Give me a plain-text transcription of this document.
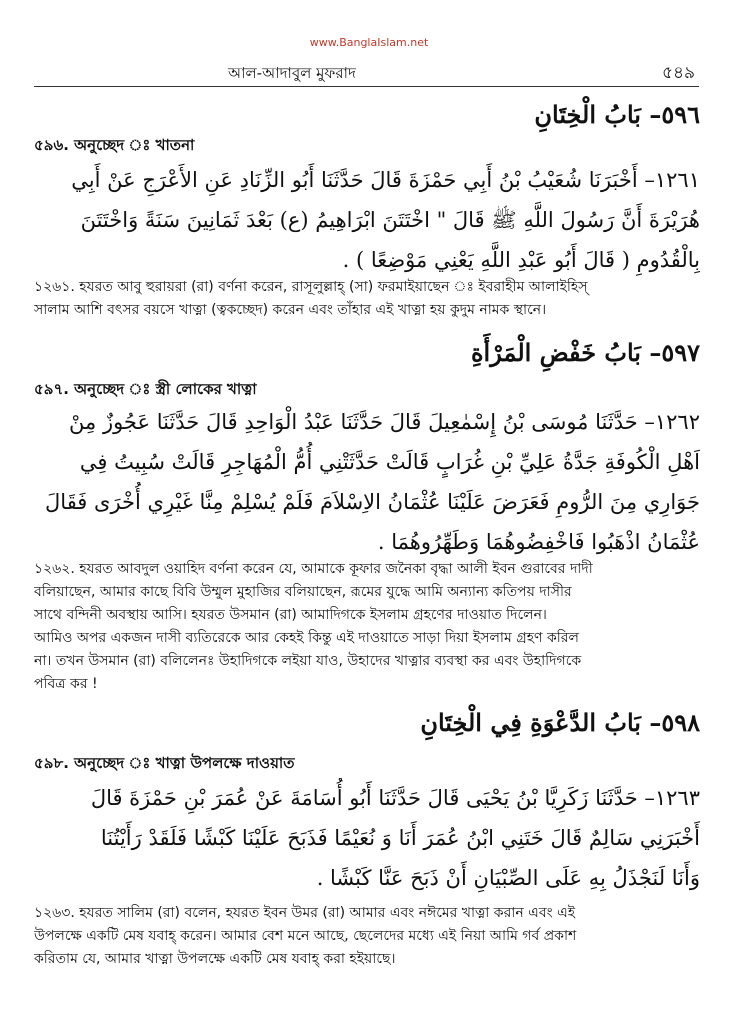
www.BanglaIslam.net
আল-আদাবুল মুফরাদ	৫৪৯
٥٩٦– بَابُ الْخِتَانِ
৫৯৬. অনুচ্ছেদ ঃ খাতনা
١٢٦١– أَخْبَرَنَا شُعَيْبُ بْنُ أَبِي حَمْزَةَ قَالَ حَدَّثَنَا أَبُو الزِّنَادِ عَنِ الأَعْرَجِ عَنْ أَبِي
هُرَيْرَةَ أَنَّ رَسُولَ اللَّهِ ﷺ قَالَ " اخْتَتَنَ ابْرَاهِيمُ (ع) بَعْدَ ثَمَانِينَ سَنَةً وَاخْتَتَنَ
بِالْقُدُومِ ( قَالَ أَبُو عَبْدِ اللَّهِ يَعْنِي مَوْضِعًا ) .
১২৬১. হযরত আবু হুরায়রা (রা) বর্ণনা করেন, রাসূলুল্লাহ্ (সা) ফরমাইয়াছেন ঃ ইবরাহীম আলাইহিস্
সালাম আশি বৎসর বয়সে খাত্না (ত্বকচ্ছেদ) করেন এবং তাঁহার এই খাত্না হয় কুদুম নামক স্থানে।
٥٩٧– بَابُ خَفْضِ الْمَرْأَةِ
৫৯৭. অনুচ্ছেদ ঃ স্ত্রী লোকের খাত্না
١٢٦٢– حَدَّثَنَا مُوسَى بْنُ إِسْمٰعِيلَ قَالَ حَدَّثَنَا عَبْدُ الْوَاحِدِ قَالَ حَدَّثَنَا عَجُوزٌ مِنْ
اَهْلِ الْكُوفَةِ جَدَّةُ عَلِيِّ بْنِ غُرَابٍ قَالَتْ حَدَّثَتْنِي أُمُّ الْمُهَاجِرِ قَالَتْ سُبِيتُ فِي
جَوَارِي مِنَ الرُّومِ فَعَرَضَ عَلَيْنَا عُثْمَانُ الاِسْلاَمَ فَلَمْ يُسْلِمْ مِنَّا غَيْرِي أُخْرَى فَقَالَ
عُثْمَانُ اذْهَبُوا فَاخْفِضُوهُمَا وَطَهِّرُوهُمَا .
১২৬২. হযরত আবদুল ওয়াহিদ বর্ণনা করেন যে, আমাকে কূফার জনৈকা বৃদ্ধা আলী ইবন গুরাবের দাদী
বলিয়াছেন, আমার কাছে বিবি উম্মুল মুহাজির বলিয়াছেন, রূমের যুদ্ধে আমি অন্যান্য কতিপয় দাসীর
সাথে বন্দিনী অবস্থায় আসি। হযরত উসমান (রা) আমাদিগকে ইসলাম গ্রহণের দাওয়াত দিলেন।
আমিও অপর একজন দাসী ব্যতিরেকে আর কেহই কিন্তু এই দাওয়াতে সাড়া দিয়া ইসলাম গ্রহণ করিল
না। তখন উসমান (রা) বলিলেনঃ উহাদিগকে লইয়া যাও, উহাদের খাত্নার ব্যবস্থা কর এবং উহাদিগকে
পবিত্র কর !
٥٩٨– بَابُ الدَّعْوَةِ فِي الْخِتَانِ
৫৯৮. অনুচ্ছেদ ঃ খাত্না উপলক্ষে দাওয়াত
١٢٦٣– حَدَّثَنَا زَكَرِيَّا بْنُ يَحْيَى قَالَ حَدَّثَنَا أَبُو أُسَامَةَ عَنْ عُمَرَ بْنِ حَمْزَةَ قَالَ
أَخْبَرَنِي سَالِمٌ قَالَ خَتَنِي ابْنُ عُمَرَ أَنَا وَ نُعَيْمًا فَذَبَحَ عَلَيْنَا كَبْشًا فَلَقَدْ رَأَيْتُنَا
وَأَنَا لَنَجْذَلُ بِهِ عَلَى الصِّبْيَانِ أَنْ ذَبَحَ عَنَّا كَبْشًا .
১২৬৩. হযরত সালিম (রা) বলেন, হযরত ইবন উমর (রা) আমার এবং নঈমের খাত্না করান এবং এই
উপলক্ষে একটি মেষ যবাহ্ করেন। আমার বেশ মনে আছে, ছেলেদের মধ্যে এই নিয়া আমি গর্ব প্রকাশ
করিতাম যে, আমার খাত্না উপলক্ষে একটি মেষ যবাহ্ করা হইয়াছে।
